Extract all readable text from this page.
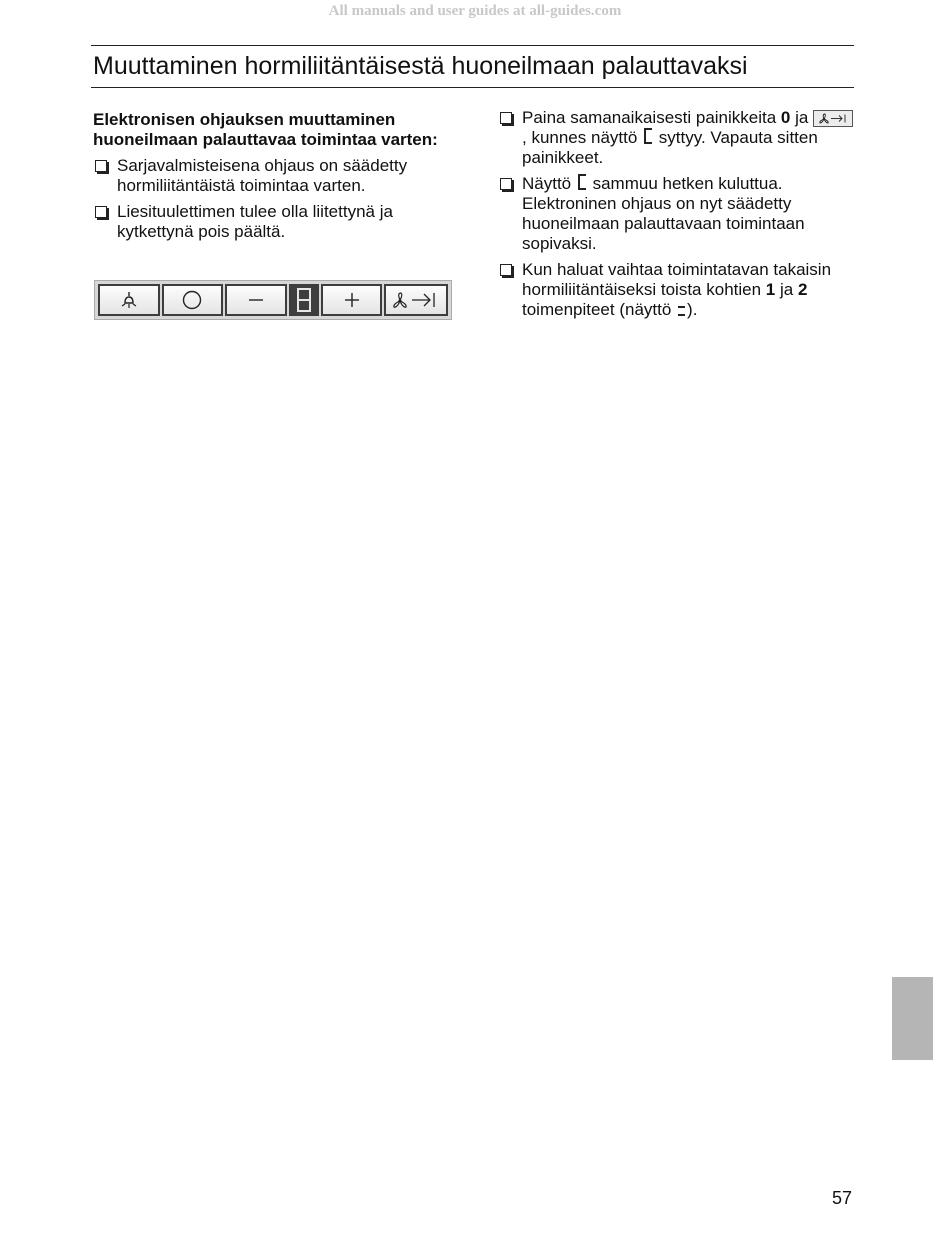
All manuals and user guides at all-guides.com
Muuttaminen hormiliitäntäisestä huoneilmaan palauttavaksi
Elektronisen ohjauksen muuttaminen huoneilmaan palauttavaa toimintaa varten:
Sarjavalmisteisena ohjaus on säädetty hormiliitäntäistä toimintaa varten.
Liesituulettimen tulee olla liitettynä ja kytkettynä pois päältä.
Paina samanaikaisesti painikkeita 0 ja
, kunnes näyttö  syttyy. Vapauta sitten painikkeet.
Näyttö  sammuu hetken kuluttua. Elektroninen ohjaus on nyt säädetty huoneilmaan palauttavaan toimintaan sopivaksi.
Kun haluat vaihtaa toimintatavan takaisin hormiliitäntäiseksi toista kohtien 1 ja 2 toimenpiteet (näyttö ).
57
